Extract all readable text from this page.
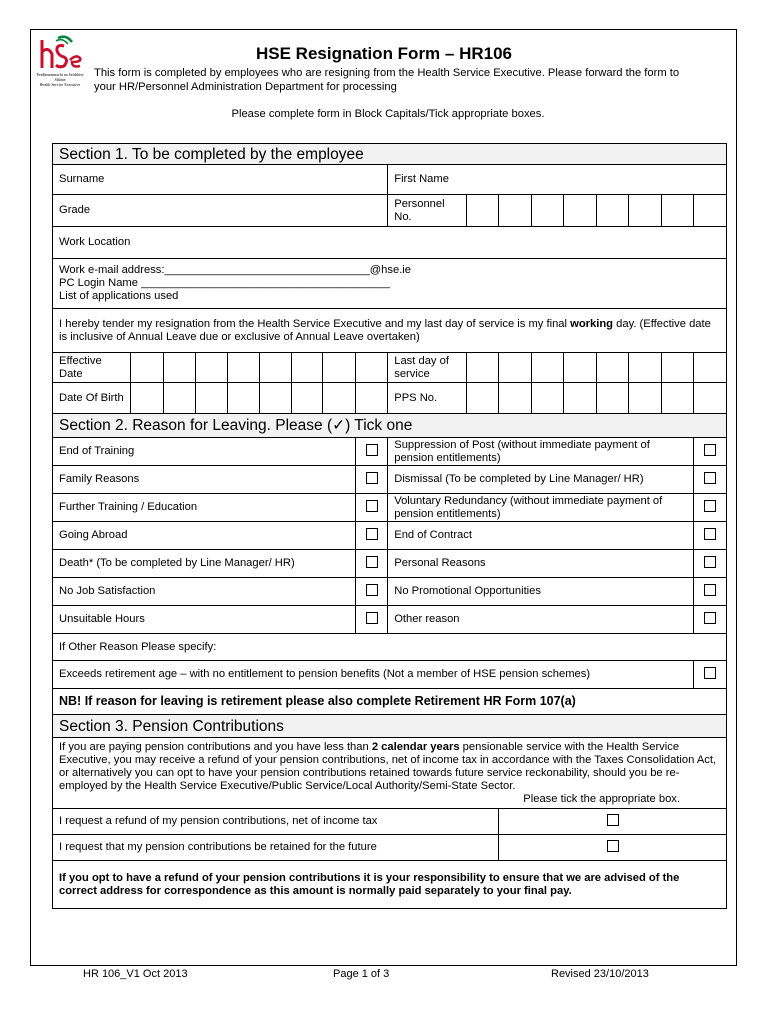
Feidhmeannacht na Seirbhíse Sláinte
Health Service Executive
HSE Resignation Form – HR106
This form is completed by employees who are resigning from the Health Service Executive. Please forward the form to your HR/Personnel Administration Department for processing
Please complete form in Block Capitals/Tick appropriate boxes.
Section 1. To be completed by the employee																	
Surname									First Name								
Grade									Personnel No.								
Work Location																	

Work e-mail address:_________________________________@hse.ie
PC Login Name ________________________________________
List of applications used																	

I hereby tender my resignation from the Health Service Executive and my last day of service is my final working day. (Effective date is inclusive of Annual Leave due or exclusive of Annual Leave overtaken)																	
Effective Date									Last day of service								
Date Of Birth									PPS No.								
Section 2. Reason for Leaving. Please (✓) Tick one																	
End of Training									Suppression of Post (without immediate payment of pension entitlements)								
Family Reasons									Dismissal (To be completed by Line Manager/ HR)								
Further Training / Education									Voluntary Redundancy (without immediate payment of pension entitlements)								
Going Abroad									End of Contract								
Death* (To be completed by Line Manager/ HR)									Personal Reasons								
No Job Satisfaction									No Promotional Opportunities								
Unsuitable Hours									Other reason								
If Other Reason Please specify:																	
Exceeds retirement age – with no entitlement to pension benefits (Not a member of HSE pension schemes)																	
NB! If reason for leaving is retirement please also complete Retirement HR Form 107(a)																	
Section 3. Pension Contributions																	
If you are paying pension contributions and you have less than 2 calendar years pensionable service with the Health Service Executive, you may receive a refund of your pension contributions, net of income tax in accordance with the Taxes Consolidation Act, or alternatively you can opt to have your pension contributions retained towards future service reckonability, should you be re-employed by the Health Service Executive/Public Service/Local Authority/Semi-State Sector.
Please tick the appropriate box.																	

I request a refund of my pension contributions, net of income tax																	
I request that my pension contributions be retained for the future																	
If you opt to have a refund of your pension contributions it is your responsibility to ensure that we are advised of the correct address for correspondence as this amount is normally paid separately to your final pay.																	
HR 106_V1 Oct 2013	Page 1 of 3	Revised 23/10/2013
